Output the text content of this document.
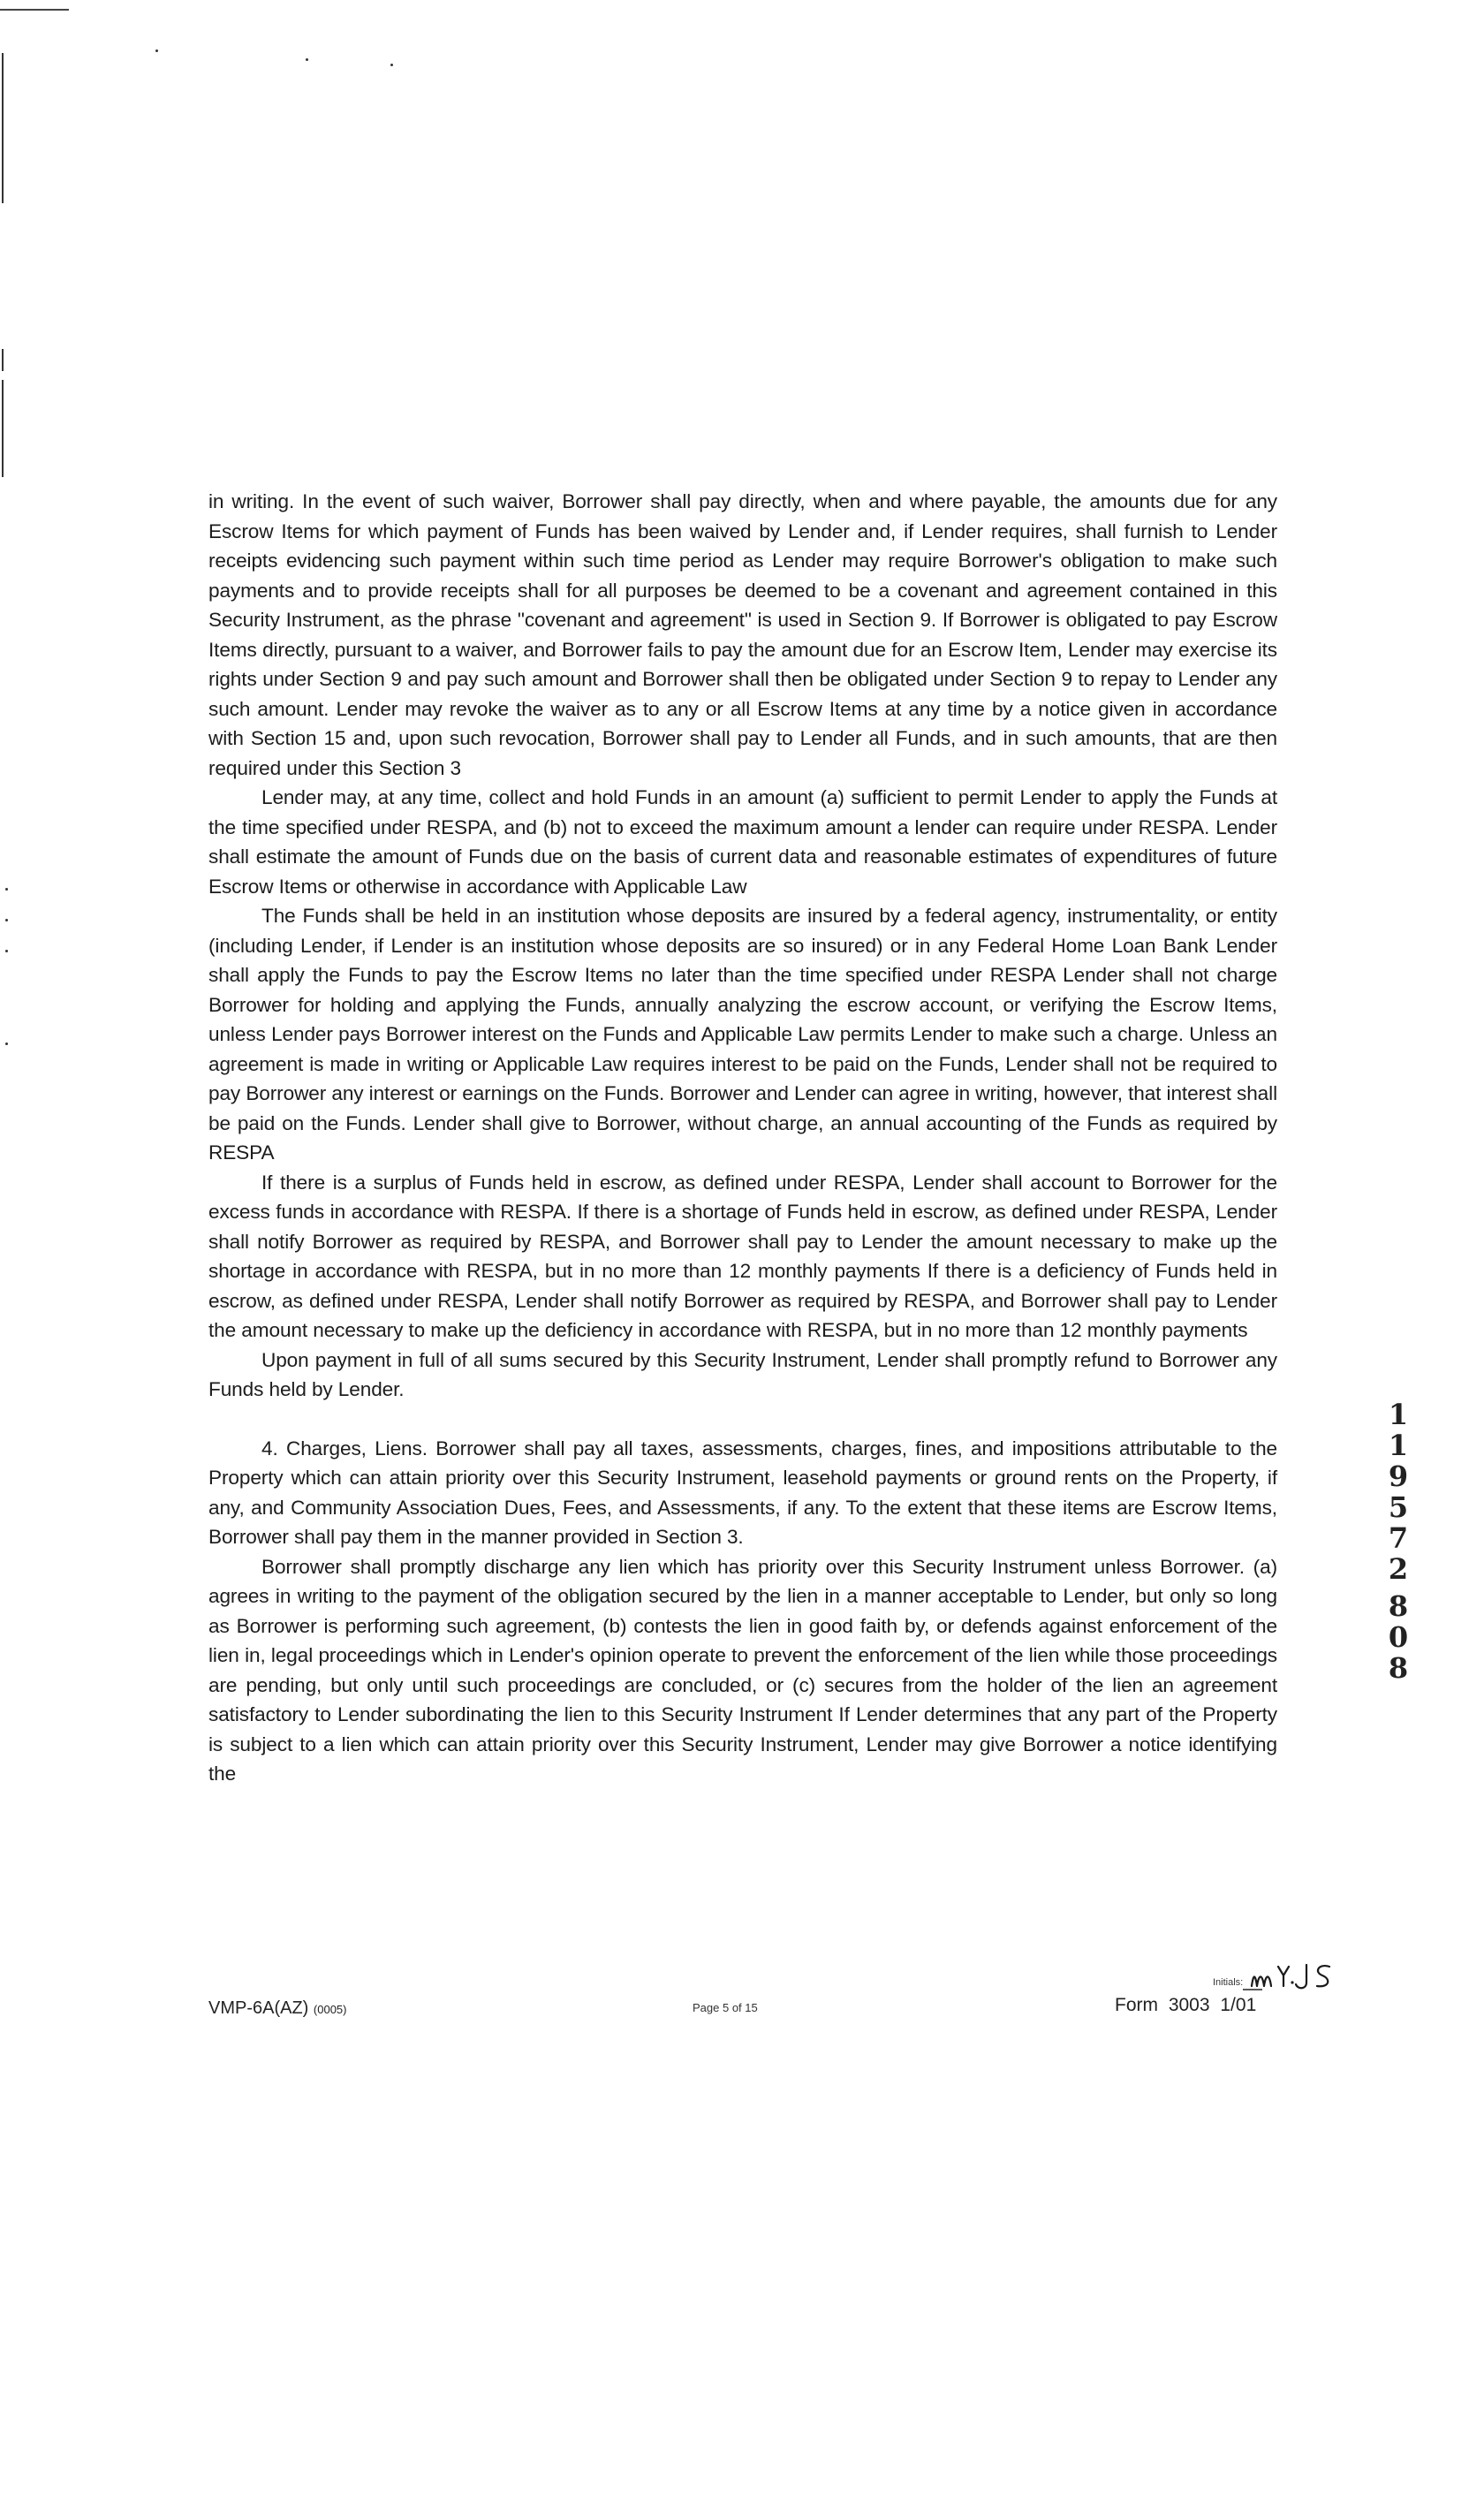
in writing. In the event of such waiver, Borrower shall pay directly, when and where payable, the amounts due for any Escrow Items for which payment of Funds has been waived by Lender and, if Lender requires, shall furnish to Lender receipts evidencing such payment within such time period as Lender may require Borrower's obligation to make such payments and to provide receipts shall for all purposes be deemed to be a covenant and agreement contained in this Security Instrument, as the phrase "covenant and agreement" is used in Section 9. If Borrower is obligated to pay Escrow Items directly, pursuant to a waiver, and Borrower fails to pay the amount due for an Escrow Item, Lender may exercise its rights under Section 9 and pay such amount and Borrower shall then be obligated under Section 9 to repay to Lender any such amount. Lender may revoke the waiver as to any or all Escrow Items at any time by a notice given in accordance with Section 15 and, upon such revocation, Borrower shall pay to Lender all Funds, and in such amounts, that are then required under this Section 3

Lender may, at any time, collect and hold Funds in an amount (a) sufficient to permit Lender to apply the Funds at the time specified under RESPA, and (b) not to exceed the maximum amount a lender can require under RESPA. Lender shall estimate the amount of Funds due on the basis of current data and reasonable estimates of expenditures of future Escrow Items or otherwise in accordance with Applicable Law

The Funds shall be held in an institution whose deposits are insured by a federal agency, instrumentality, or entity (including Lender, if Lender is an institution whose deposits are so insured) or in any Federal Home Loan Bank Lender shall apply the Funds to pay the Escrow Items no later than the time specified under RESPA Lender shall not charge Borrower for holding and applying the Funds, annually analyzing the escrow account, or verifying the Escrow Items, unless Lender pays Borrower interest on the Funds and Applicable Law permits Lender to make such a charge. Unless an agreement is made in writing or Applicable Law requires interest to be paid on the Funds, Lender shall not be required to pay Borrower any interest or earnings on the Funds. Borrower and Lender can agree in writing, however, that interest shall be paid on the Funds. Lender shall give to Borrower, without charge, an annual accounting of the Funds as required by RESPA

If there is a surplus of Funds held in escrow, as defined under RESPA, Lender shall account to Borrower for the excess funds in accordance with RESPA. If there is a shortage of Funds held in escrow, as defined under RESPA, Lender shall notify Borrower as required by RESPA, and Borrower shall pay to Lender the amount necessary to make up the shortage in accordance with RESPA, but in no more than 12 monthly payments If there is a deficiency of Funds held in escrow, as defined under RESPA, Lender shall notify Borrower as required by RESPA, and Borrower shall pay to Lender the amount necessary to make up the deficiency in accordance with RESPA, but in no more than 12 monthly payments

Upon payment in full of all sums secured by this Security Instrument, Lender shall promptly refund to Borrower any Funds held by Lender.

4. Charges, Liens. Borrower shall pay all taxes, assessments, charges, fines, and impositions attributable to the Property which can attain priority over this Security Instrument, leasehold payments or ground rents on the Property, if any, and Community Association Dues, Fees, and Assessments, if any. To the extent that these items are Escrow Items, Borrower shall pay them in the manner provided in Section 3.

Borrower shall promptly discharge any lien which has priority over this Security Instrument unless Borrower. (a) agrees in writing to the payment of the obligation secured by the lien in a manner acceptable to Lender, but only so long as Borrower is performing such agreement, (b) contests the lien in good faith by, or defends against enforcement of the lien in, legal proceedings which in Lender's opinion operate to prevent the enforcement of the lien while those proceedings are pending, but only until such proceedings are concluded, or (c) secures from the holder of the lien an agreement satisfactory to Lender subordinating the lien to this Security Instrument If Lender determines that any part of the Property is subject to a lien which can attain priority over this Security Instrument, Lender may give Borrower a notice identifying the

1
1
9
5
7
2
8
0
8
Initials:
VMP-6A(AZ) (0005)	Page 5 of 15	Form 3003 1/01
